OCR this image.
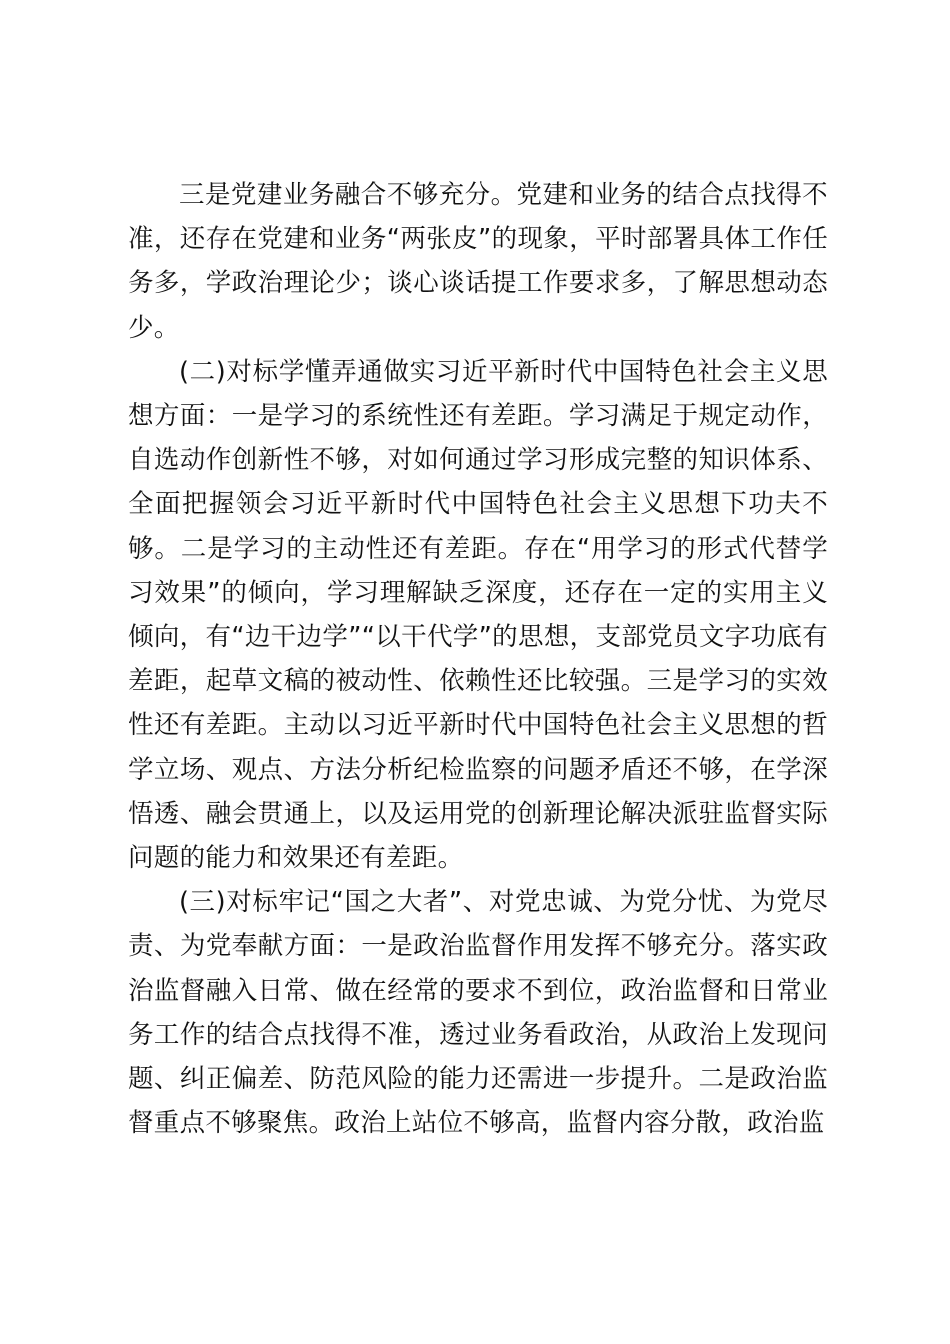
三是党建业务融合不够充分。党建和业务的结合点找得不准，还存在党建和业务“两张皮”的现象，平时部署具体工作任务多，学政治理论少；谈心谈话提工作要求多，了解思想动态少。

(二)对标学懂弄通做实习近平新时代中国特色社会主义思想方面：一是学习的系统性还有差距。学习满足于规定动作，自选动作创新性不够，对如何通过学习形成完整的知识体系、全面把握领会习近平新时代中国特色社会主义思想下功夫不够。二是学习的主动性还有差距。存在“用学习的形式代替学习效果”的倾向，学习理解缺乏深度，还存在一定的实用主义倾向，有“边干边学”“以干代学”的思想，支部党员文字功底有差距，起草文稿的被动性、依赖性还比较强。三是学习的实效性还有差距。主动以习近平新时代中国特色社会主义思想的哲学立场、观点、方法分析纪检监察的问题矛盾还不够，在学深悟透、融会贯通上，以及运用党的创新理论解决派驻监督实际问题的能力和效果还有差距。

(三)对标牢记“国之大者”、对党忠诚、为党分忧、为党尽责、为党奉献方面：一是政治监督作用发挥不够充分。落实政治监督融入日常、做在经常的要求不到位，政治监督和日常业务工作的结合点找得不准，透过业务看政治，从政治上发现问题、纠正偏差、防范风险的能力还需进一步提升。二是政治监督重点不够聚焦。政治上站位不够高，监督内容分散，政治监
